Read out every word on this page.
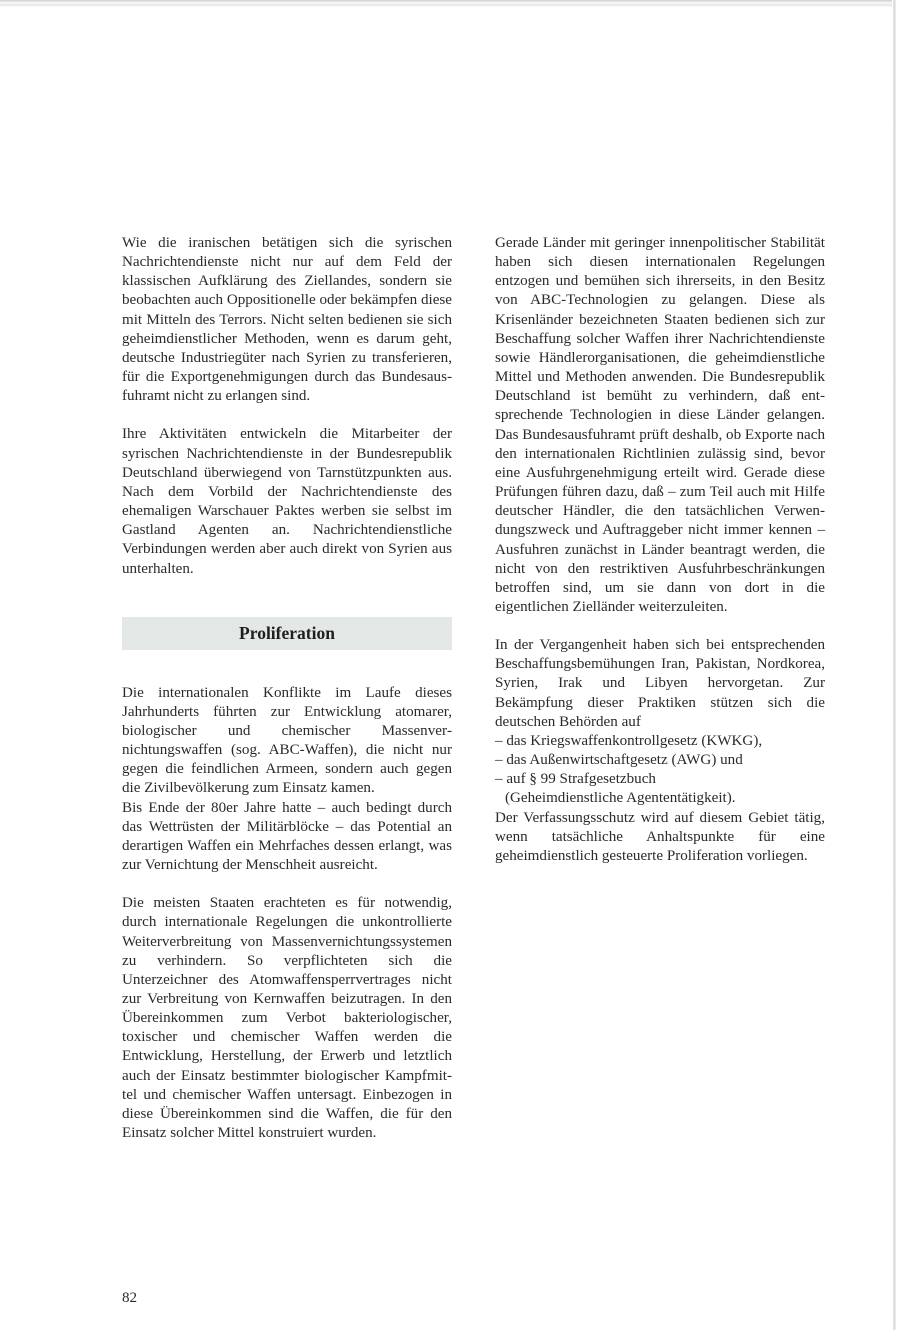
Wie die iranischen betätigen sich die syrischen Nachrichtendienste nicht nur auf dem Feld der klassischen Aufklärung des Ziellandes, sondern sie beobachten auch Oppositionelle oder bekämpfen diese mit Mitteln des Terrors. Nicht selten bedienen sie sich geheimdienstlicher Methoden, wenn es darum geht, deutsche Industriegüter nach Syrien zu transferieren, für die Exportgenehmigungen durch das Bundesausfuhramt nicht zu erlangen sind.

Ihre Aktivitäten entwickeln die Mitarbeiter der syrischen Nachrichtendienste in der Bundesrepublik Deutschland überwiegend von Tarnstützpunkten aus. Nach dem Vorbild der Nachrichtendienste des ehemaligen Warschauer Paktes werben sie selbst im Gastland Agenten an. Nachrichtendienstliche Verbindungen werden aber auch direkt von Syrien aus unterhalten.

Proliferation

Die internationalen Konflikte im Laufe dieses Jahrhunderts führten zur Entwicklung atomarer, biologischer und chemischer Massenvernichtungswaffen (sog. ABC-Waffen), die nicht nur gegen die feindlichen Armeen, sondern auch gegen die Zivilbevölkerung zum Einsatz kamen.

Bis Ende der 80er Jahre hatte – auch bedingt durch das Wettrüsten der Militärblöcke – das Potential an derartigen Waffen ein Mehrfaches dessen erlangt, was zur Vernichtung der Menschheit ausreicht.

Die meisten Staaten erachteten es für notwendig, durch internationale Regelungen die unkontrollierte Weiterverbreitung von Massenvernichtungssystemen zu verhindern. So verpflichteten sich die Unterzeichner des Atomwaffensperrvertrages nicht zur Verbreitung von Kernwaffen beizutragen. In den Übereinkommen zum Verbot bakteriologischer, toxischer und chemischer Waffen werden die Entwicklung, Herstellung, der Erwerb und letztlich auch der Einsatz bestimmter biologischer Kampfmittel und chemischer Waffen untersagt. Einbezogen in diese Übereinkommen sind die Waffen, die für den Einsatz solcher Mittel konstruiert wurden.

Gerade Länder mit geringer innenpolitischer Stabilität haben sich diesen internationalen Regelungen entzogen und bemühen sich ihrerseits, in den Besitz von ABC-Technologien zu gelangen. Diese als Krisenländer bezeichneten Staaten bedienen sich zur Beschaffung solcher Waffen ihrer Nachrichtendienste sowie Händlerorganisationen, die geheimdienstliche Mittel und Methoden anwenden. Die Bundesrepublik Deutschland ist bemüht zu verhindern, daß entsprechende Technologien in diese Länder gelangen. Das Bundesausfuhramt prüft deshalb, ob Exporte nach den internationalen Richtlinien zulässig sind, bevor eine Ausfuhrgenehmigung erteilt wird. Gerade diese Prüfungen führen dazu, daß – zum Teil auch mit Hilfe deutscher Händler, die den tatsächlichen Verwendungszweck und Auftraggeber nicht immer kennen – Ausfuhren zunächst in Länder beantragt werden, die nicht von den restriktiven Ausfuhrbeschränkungen betroffen sind, um sie dann von dort in die eigentlichen Zielländer weiterzuleiten.

In der Vergangenheit haben sich bei entsprechenden Beschaffungsbemühungen Iran, Pakistan, Nordkorea, Syrien, Irak und Libyen hervorgetan. Zur Bekämpfung dieser Praktiken stützen sich die deutschen Behörden auf

– das Kriegswaffenkontrollgesetz (KWKG),
– das Außenwirtschaftgesetz (AWG) und
– auf § 99 Strafgesetzbuch
(Geheimdienstliche Agententätigkeit).

Der Verfassungsschutz wird auf diesem Gebiet tätig, wenn tatsächliche Anhaltspunkte für eine geheimdienstlich gesteuerte Proliferation vorliegen.

82
